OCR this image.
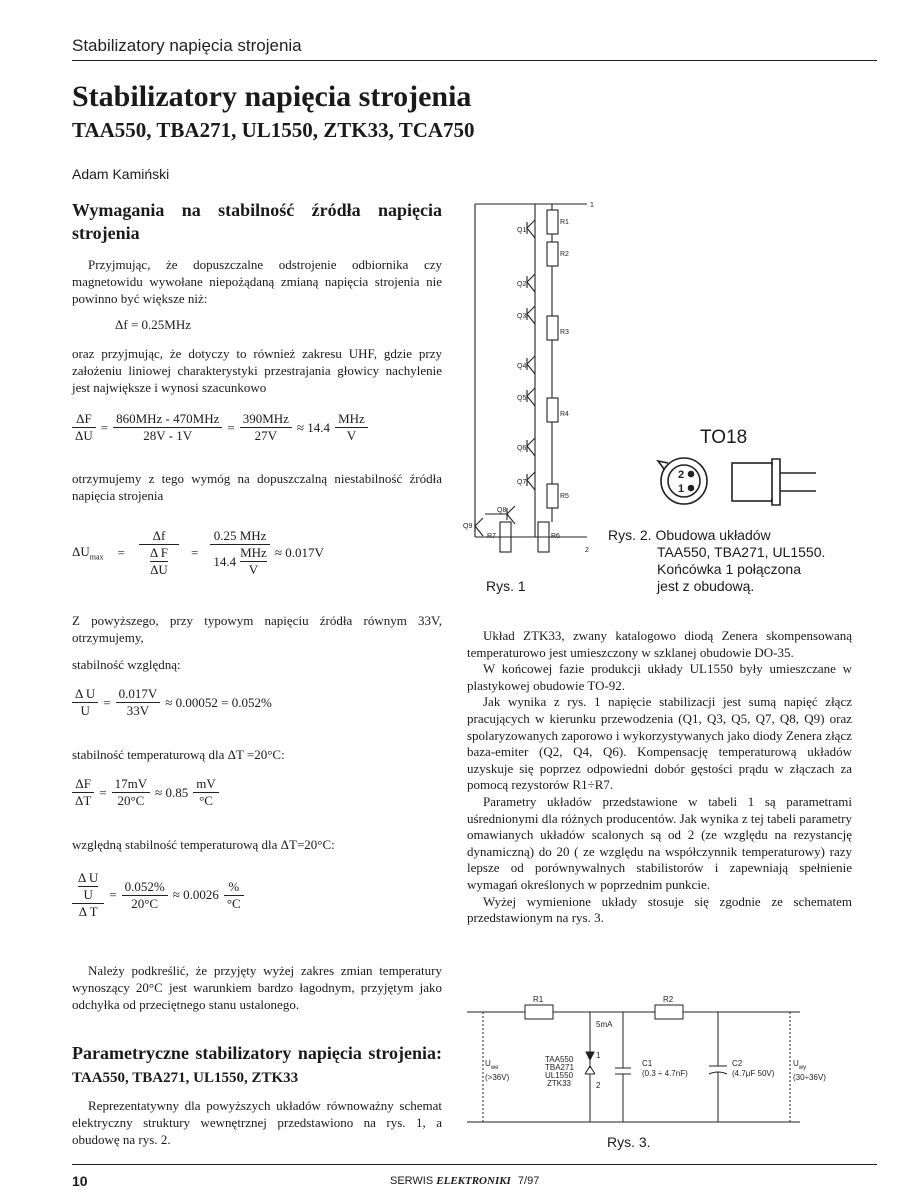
Stabilizatory napięcia strojenia
Stabilizatory napięcia strojenia
TAA550, TBA271, UL1550, ZTK33, TCA750
Adam Kamiński
Wymagania na stabilność źródła napięcia strojenia

Przyjmując, że dopuszczalne odstrojenie odbiornika czy magnetowidu wywołane niepożądaną zmianą napięcia strojenia nie powinno być większe niż:

Δf = 0.25MHz

oraz przyjmując, że dotyczy to również zakresu UHF, gdzie przy założeniu liniowej charakterystyki przestrajania głowicy nachylenie jest największe i wynosi szacunkowo

$\frac{\Delta F}{\Delta U} = \frac{\text{860MHz - 470MHz}}{28V - 1V} = \frac{\text{390MHz}}{27V} \approx 14.4 \frac{\text{MHz}}{V}$

otrzymujemy z tego wymóg na dopuszczalną niestabilność źródła napięcia strojenia

$\Delta U_{max} = \Delta f$
Δ F
ΔU = 0.25 MHz
14.4
MHz
V ≈ 0.017V

Z powyższego, przy typowym napięciu źródła równym 33V, otrzymujemy,

stabilność względną:

$\frac{\text{Δ U}}{U} = \frac{0.017V}{33V} \approx 0.00052 = 0.052\%$

stabilność temperaturową dla ΔT =20°C:

$\frac{\Delta F}{\Delta T} = \frac{17mV}{20^\circ C} \approx 0.85 \frac{mV}{^\circ C}$

względną stabilność temperaturową dla ΔT=20°C:

Δ U
U
Δ $T = \frac{0.052\%}{20^\circ C} \approx 0.0026 \frac{\%}{^\circ C}$

Należy podkreślić, że przyjęty wyżej zakres zmian temperatury wynoszący 20°C jest warunkiem bardzo łagodnym, przyjętym jako odchyłka od przeciętnego stanu ustalonego.

Parametryczne stabilizatory napięcia strojenia: TAA550, TBA271, UL1550, ZTK33

Reprezentatywny dla powyższych układów równoważny schemat elektryczny struktury wewnętrznej przedstawiono na rys. 1, a obudowę na rys. 2.

1
2
R1
R2
R3
R4
R5
R6
R7
Q1
Q2
Q3
Q4
Q5
Q6
Q7
Q8
Q9
Rys. 1
TO18
2
1
Rys. 2. Obudowa układów
TAA550, TBA271, UL1550.
Końcówka 1 połączona
jest z obudową.

Układ ZTK33, zwany katalogowo diodą Zenera skompensowaną temperaturowo jest umieszczony w szklanej obudowie DO-35.

W końcowej fazie produkcji układy UL1550 były umieszczane w plastykowej obudowie TO-92.

Jak wynika z rys. 1 napięcie stabilizacji jest sumą napięć złącz pracujących w kierunku przewodzenia (Q1, Q3, Q5, Q7, Q8, Q9) oraz spolaryzowanych zaporowo i wykorzystywanych jako diody Zenera złącz baza-emiter (Q2, Q4, Q6). Kompensację temperaturową układów uzyskuje się poprzez odpowiedni dobór gęstości prądu w złączach za pomocą rezystorów R1÷R7.

Parametry układów przedstawione w tabeli 1 są parametrami uśrednionymi dla różnych producentów. Jak wynika z tej tabeli parametry omawianych układów scalonych są od 2 (ze względu na rezystancję dynamiczną) do 20 ( ze względu na współczynnik temperaturowy) razy lepsze od porównywalnych stabilistorów i zapewniają spełnienie wymagań określonych w poprzednim punkcie.

Wyżej wymienione układy stosuje się zgodnie ze schematem przedstawionym na rys. 3.

R1	R2
5mA
TAA550
TBA271
UL1550
ZTK33
1
2
$U_{we}$
(>36V)
C1
(0.3 ÷ 4.7nF)
C2
(4.7μF 50V)
$U_{wy}$
(30÷36V)
Rys. 3.
10	SERWIS ELEKTRONIKI 7/97
